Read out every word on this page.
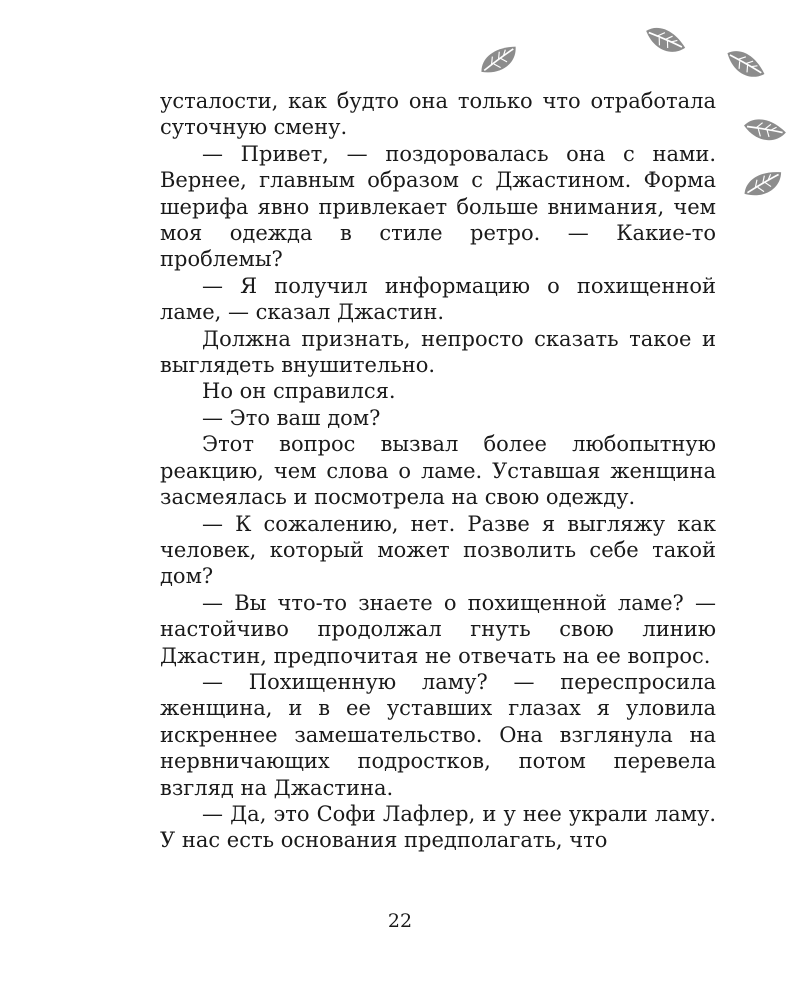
усталости, как будто она только что отработала суточную смену.

— Привет, — поздоровалась она с нами. Вернее, главным образом с Джастином. Форма шерифа явно привлекает больше внимания, чем моя одежда в стиле ретро. — Какие-то проблемы?

— Я получил информацию о похищенной ламе, — сказал Джастин.

Должна признать, непросто сказать такое и выглядеть внушительно.

Но он справился.

— Это ваш дом?

Этот вопрос вызвал более любопытную реакцию, чем слова о ламе. Уставшая женщина засмеялась и посмотрела на свою одежду.

— К сожалению, нет. Разве я выгляжу как человек, который может позволить себе такой дом?

— Вы что-то знаете о похищенной ламе? — настойчиво продолжал гнуть свою линию Джастин, предпочитая не отвечать на ее вопрос.

— Похищенную ламу? — переспросила женщина, и в ее уставших глазах я уловила искреннее замешательство. Она взглянула на нервничающих подростков, потом перевела взгляд на Джастина.

— Да, это Софи Лафлер, и у нее украли ламу. У нас есть основания предполагать, что

22
